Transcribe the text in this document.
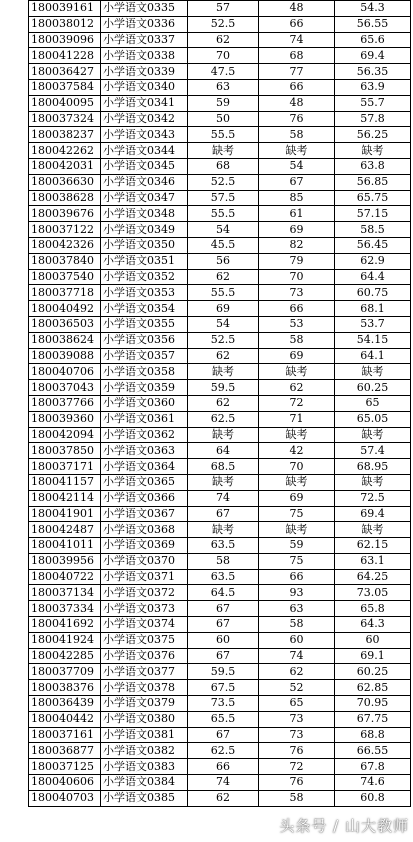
180039161	小学语文0335	57	48	54.3
180038012	小学语文0336	52.5	66	56.55
180039096	小学语文0337	62	74	65.6
180041228	小学语文0338	70	68	69.4
180036427	小学语文0339	47.5	77	56.35
180037584	小学语文0340	63	66	63.9
180040095	小学语文0341	59	48	55.7
180037324	小学语文0342	50	76	57.8
180038237	小学语文0343	55.5	58	56.25
180042262	小学语文0344	缺考	缺考	缺考
180042031	小学语文0345	68	54	63.8
180036630	小学语文0346	52.5	67	56.85
180038628	小学语文0347	57.5	85	65.75
180039676	小学语文0348	55.5	61	57.15
180037122	小学语文0349	54	69	58.5
180042326	小学语文0350	45.5	82	56.45
180037840	小学语文0351	56	79	62.9
180037540	小学语文0352	62	70	64.4
180037718	小学语文0353	55.5	73	60.75
180040492	小学语文0354	69	66	68.1
180036503	小学语文0355	54	53	53.7
180038624	小学语文0356	52.5	58	54.15
180039088	小学语文0357	62	69	64.1
180040706	小学语文0358	缺考	缺考	缺考
180037043	小学语文0359	59.5	62	60.25
180037766	小学语文0360	62	72	65
180039360	小学语文0361	62.5	71	65.05
180042094	小学语文0362	缺考	缺考	缺考
180037850	小学语文0363	64	42	57.4
180037171	小学语文0364	68.5	70	68.95
180041157	小学语文0365	缺考	缺考	缺考
180042114	小学语文0366	74	69	72.5
180041901	小学语文0367	67	75	69.4
180042487	小学语文0368	缺考	缺考	缺考
180041011	小学语文0369	63.5	59	62.15
180039956	小学语文0370	58	75	63.1
180040722	小学语文0371	63.5	66	64.25
180037134	小学语文0372	64.5	93	73.05
180037334	小学语文0373	67	63	65.8
180041692	小学语文0374	67	58	64.3
180041924	小学语文0375	60	60	60
180042285	小学语文0376	67	74	69.1
180037709	小学语文0377	59.5	62	60.25
180038376	小学语文0378	67.5	52	62.85
180036439	小学语文0379	73.5	65	70.95
180040442	小学语文0380	65.5	73	67.75
180037161	小学语文0381	67	73	68.8
180036877	小学语文0382	62.5	76	66.55
180037125	小学语文0383	66	72	67.8
180040606	小学语文0384	74	76	74.6
180040703	小学语文0385	62	58	60.8
头条号 / 山大教师
